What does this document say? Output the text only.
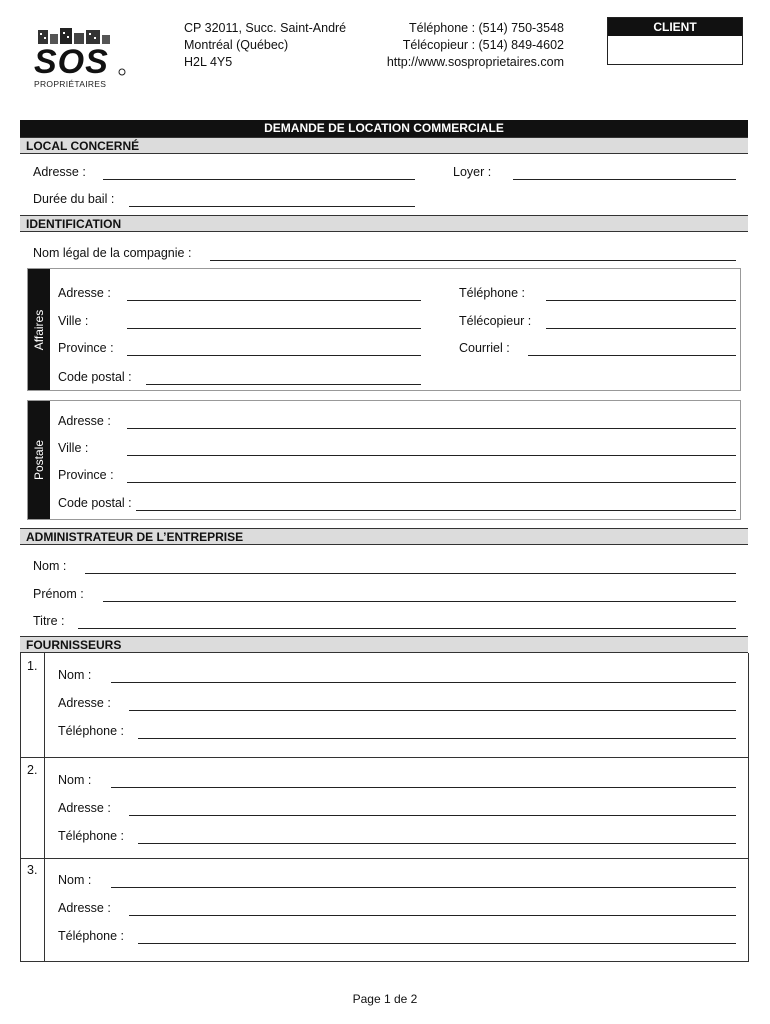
SOS
PROPRIÉTAIRES
CP 32011, Succ. Saint-André
Montréal (Québec)
H2L 4Y5
Téléphone : (514) 750-3548
Télécopieur : (514) 849-4602
http://www.sosproprietaires.com
CLIENT
DEMANDE DE LOCATION COMMERCIALE
LOCAL CONCERNÉ
Adresse :	Loyer :
Durée du bail :
IDENTIFICATION
Nom légal de la compagnie :
Affaires
Adresse :
Ville :
Province :
Code postal :
Téléphone :
Télécopieur :
Courriel :
Postale
Adresse :
Ville :
Province :
Code postal :
ADMINISTRATEUR DE L’ENTREPRISE
Nom :
Prénom :
Titre :
FOURNISSEURS
1.
Nom :
Adresse :
Téléphone :
2.
Nom :
Adresse :
Téléphone :
3.
Nom :
Adresse :
Téléphone :
Page 1 de 2
